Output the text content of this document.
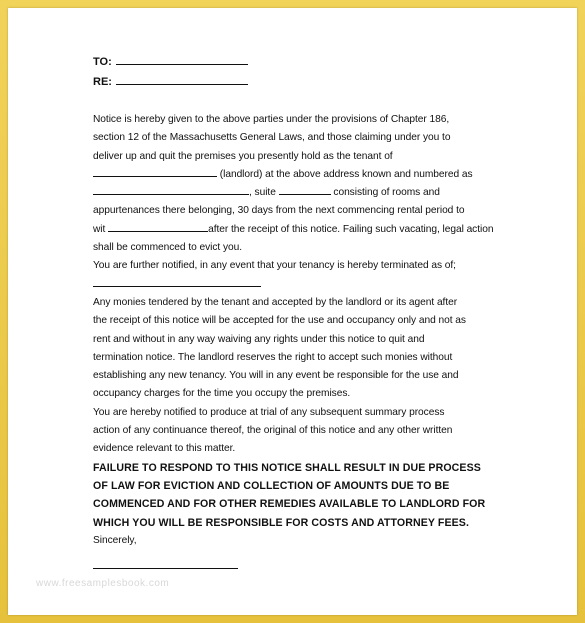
TO:
RE:

Notice is hereby given to the above parties under the provisions of Chapter 186,

section 12 of the Massachusetts General Laws, and those claiming under you to

deliver up and quit the premises you presently hold as the tenant of

(landlord) at the above address known and numbered as

, suite	consisting of rooms and

appurtenances there belonging, 30 days from the next commencing rental period to

wit	after the receipt of this notice. Failing such vacating, legal action

shall be commenced to evict you.

You are further notified, in any event that your tenancy is hereby terminated as of;

Any monies tendered by the tenant and accepted by the landlord or its agent after

the receipt of this notice will be accepted for the use and occupancy only and not as

rent and without in any way waiving any rights under this notice to quit and

termination notice. The landlord reserves the right to accept such monies without

establishing any new tenancy. You will in any event be responsible for the use and

occupancy charges for the time you occupy the premises.

You are hereby notified to produce at trial of any subsequent summary process

action of any continuance thereof, the original of this notice and any other written

evidence relevant to this matter.

FAILURE TO RESPOND TO THIS NOTICE SHALL RESULT IN DUE PROCESS

OF LAW FOR EVICTION AND COLLECTION OF AMOUNTS DUE TO BE

COMMENCED AND FOR OTHER REMEDIES AVAILABLE TO LANDLORD FOR

WHICH YOU WILL BE RESPONSIBLE FOR COSTS AND ATTORNEY FEES.

Sincerely,

www.freesamplesbook.com
